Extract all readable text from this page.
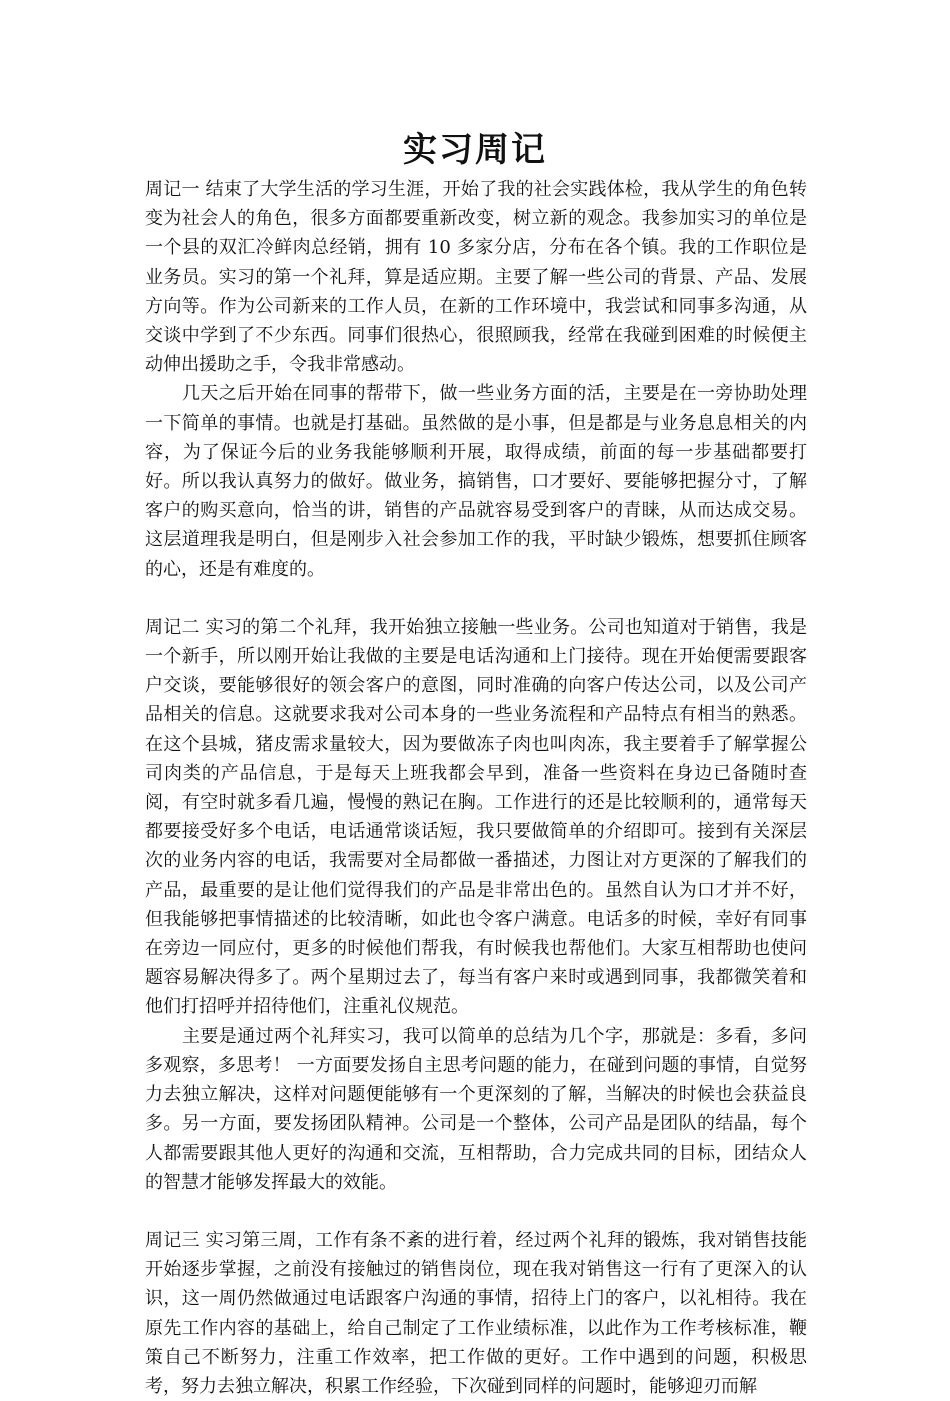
实习周记

周记一 结束了大学生活的学习生涯，开始了我的社会实践体检，我从学生的角色转变为社会人的角色，很多方面都要重新改变，树立新的观念。我参加实习的单位是一个县的双汇冷鲜肉总经销，拥有 10 多家分店，分布在各个镇。我的工作职位是业务员。实习的第一个礼拜，算是适应期。主要了解一些公司的背景、产品、发展方向等。作为公司新来的工作人员，在新的工作环境中，我尝试和同事多沟通，从交谈中学到了不少东西。同事们很热心，很照顾我，经常在我碰到困难的时候便主动伸出援助之手，令我非常感动。

几天之后开始在同事的帮带下，做一些业务方面的活，主要是在一旁协助处理一下简单的事情。也就是打基础。虽然做的是小事，但是都是与业务息息相关的内容，为了保证今后的业务我能够顺利开展，取得成绩，前面的每一步基础都要打好。所以我认真努力的做好。做业务，搞销售，口才要好、要能够把握分寸，了解客户的购买意向，恰当的讲，销售的产品就容易受到客户的青睐，从而达成交易。这层道理我是明白，但是刚步入社会参加工作的我，平时缺少锻炼，想要抓住顾客的心，还是有难度的。

周记二 实习的第二个礼拜，我开始独立接触一些业务。公司也知道对于销售，我是一个新手，所以刚开始让我做的主要是电话沟通和上门接待。现在开始便需要跟客户交谈，要能够很好的领会客户的意图，同时准确的向客户传达公司，以及公司产品相关的信息。这就要求我对公司本身的一些业务流程和产品特点有相当的熟悉。在这个县城，猪皮需求量较大，因为要做冻子肉也叫肉冻，我主要着手了解掌握公司肉类的产品信息，于是每天上班我都会早到，准备一些资料在身边已备随时查阅，有空时就多看几遍，慢慢的熟记在胸。工作进行的还是比较顺利的，通常每天都要接受好多个电话，电话通常谈话短，我只要做简单的介绍即可。接到有关深层次的业务内容的电话，我需要对全局都做一番描述，力图让对方更深的了解我们的产品，最重要的是让他们觉得我们的产品是非常出色的。虽然自认为口才并不好，但我能够把事情描述的比较清晰，如此也令客户满意。电话多的时候，幸好有同事在旁边一同应付，更多的时候他们帮我，有时候我也帮他们。大家互相帮助也使问题容易解决得多了。两个星期过去了，每当有客户来时或遇到同事，我都微笑着和他们打招呼并招待他们，注重礼仪规范。

主要是通过两个礼拜实习，我可以简单的总结为几个字，那就是：多看，多问多观察，多思考！ 一方面要发扬自主思考问题的能力，在碰到问题的事情，自觉努力去独立解决，这样对问题便能够有一个更深刻的了解，当解决的时候也会获益良多。另一方面，要发扬团队精神。公司是一个整体，公司产品是团队的结晶，每个人都需要跟其他人更好的沟通和交流，互相帮助，合力完成共同的目标，团结众人的智慧才能够发挥最大的效能。

周记三 实习第三周，工作有条不紊的进行着，经过两个礼拜的锻炼，我对销售技能开始逐步掌握，之前没有接触过的销售岗位，现在我对销售这一行有了更深入的认识，这一周仍然做通过电话跟客户沟通的事情，招待上门的客户，以礼相待。我在原先工作内容的基础上，给自己制定了工作业绩标准，以此作为工作考核标准，鞭策自己不断努力，注重工作效率，把工作做的更好。工作中遇到的问题，积极思考，努力去独立解决，积累工作经验，下次碰到同样的问题时，能够迎刃而解
